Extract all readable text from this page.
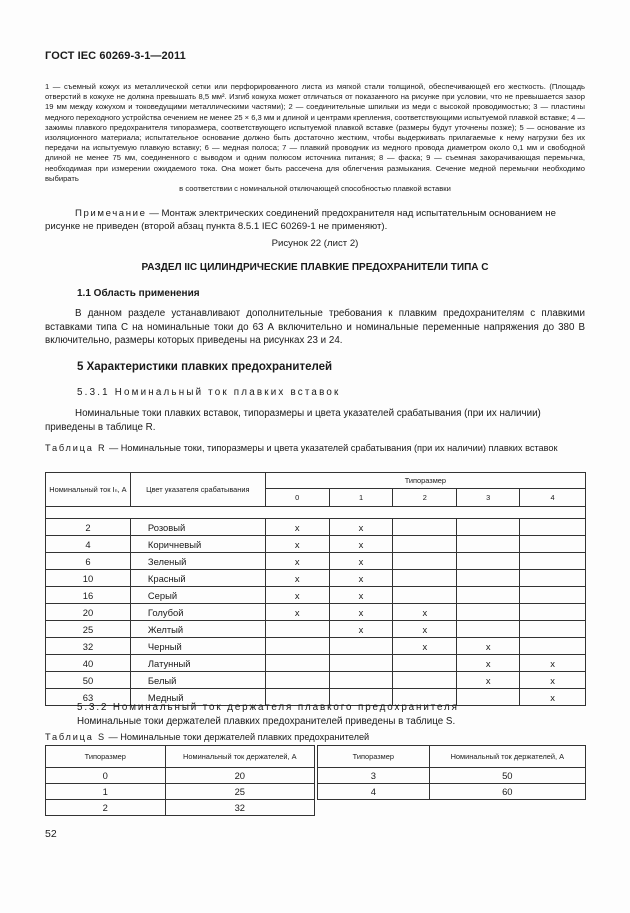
ГОСТ IEC 60269-3-1—2011
1 — съемный кожух из металлической сетки или перфорированного листа из мягкой стали толщиной, обеспечивающей его жесткость. (Площадь отверстий в кожухе не должна превышать 8,5 мм². Изгиб кожуха может отличаться от показанного на рисунке при условии, что не превышается зазор 19 мм между кожухом и токоведущими металлическими частями); 2 — соединительные шпильки из меди с высокой проводимостью; 3 — пластины медного переходного устройства сечением не менее 25 × 6,3 мм и длиной и центрами крепления, соответствующими испытуемой плавкой вставке; 4 — зажимы плавкого предохранителя типоразмера, соответствующего испытуемой плавкой вставке (размеры будут уточнены позже); 5 — основание из изоляционного материала; испытательное основание должно быть достаточно жестким, чтобы выдерживать прилагаемые к нему нагрузки без их передачи на испытуемую плавкую вставку; 6 — медная полоса; 7 — плавкий проводник из медного провода диаметром около 0,1 мм и свободной длиной не менее 75 мм, соединенного с выводом и одним полюсом источника питания; 8 — фаска; 9 — съемная закорачивающая перемычка, необходимая при измерении ожидаемого тока. Она может быть рассечена для облегчения размыкания. Сечение медной перемычки необходимо выбирать
в соответствии с номинальной отключающей способностью плавкой вставки
Примечание — Монтаж электрических соединений предохранителя над испытательным основанием не рисунке не приведен (второй абзац пункта 8.5.1 IEC 60269-1 не применяют).
Рисунок 22 (лист 2)
РАЗДЕЛ IIC ЦИЛИНДРИЧЕСКИЕ ПЛАВКИЕ ПРЕДОХРАНИТЕЛИ ТИПА С
1.1 Область применения
В данном разделе устанавливают дополнительные требования к плавким предохранителям с плавкими вставками типа С на номинальные токи до 63 А включительно и номинальные переменные напряжения до 380 В включительно, размеры которых приведены на рисунках 23 и 24.
5 Характеристики плавких предохранителей
5.3.1 Номинальный ток плавких вставок
Номинальные токи плавких вставок, типоразмеры и цвета указателей срабатывания (при их наличии) приведены в таблице R.
Таблица R — Номинальные токи, типоразмеры и цвета указателей срабатывания (при их наличии) плавких вставок
Номинальный ток Iₙ, А	Цвет указателя срабатывания	Типоразмер				
		0	1	2	3	4

2	Розовый	x	x			
4	Коричневый	x	x			
6	Зеленый	x	x			
10	Красный	x	x			
16	Серый	x	x			
20	Голубой	x	x	x		
25	Желтый		x	x		
32	Черный			x	x	
40	Латунный				x	x
50	Белый				x	x
63	Медный					x
5.3.2 Номинальный ток держателя плавкого предохранителя
Номинальные токи держателей плавких предохранителей приведены в таблице S.
Таблица S — Номинальные токи держателей плавких предохранителей
Типоразмер	Номинальный ток держателей, А
0	20
1	25
2	32
Типоразмер	Номинальный ток держателей, А
3	50
4	60
52
